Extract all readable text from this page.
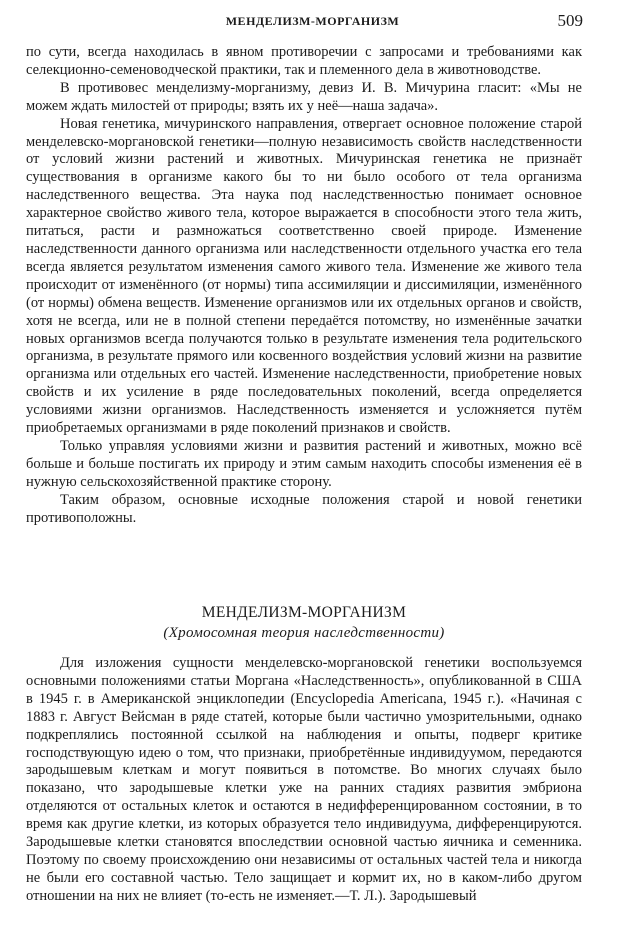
МЕНДЕЛИЗМ-МОРГАНИЗМ	509

по сути, всегда находилась в явном противоречии с запросами и требованиями как селекционно-семеноводческой практики, так и племенного дела в животноводстве.

В противовес менделизму-морганизму, девиз И. В. Мичурина гласит: «Мы не можем ждать милостей от природы; взять их у неё—наша задача».

Новая генетика, мичуринского направления, отвергает основное положение старой менделевско-моргановской генетики—полную независимость свойств наследственности от условий жизни растений и животных. Мичуринская генетика не признаёт существования в организме какого бы то ни было особого от тела организма наследственного вещества. Эта наука под наследственностью понимает основное характерное свойство живого тела, которое выражается в способности этого тела жить, питаться, расти и размножаться соответственно своей природе. Изменение наследственности данного организма или наследственности отдельного участка его тела всегда является результатом изменения самого живого тела. Изменение же живого тела происходит от изменённого (от нормы) типа ассимиляции и диссимиляции, изменённого (от нормы) обмена веществ. Изменение организмов или их отдельных органов и свойств, хотя не всегда, или не в полной степени передаётся потомству, но изменённые зачатки новых организмов всегда получаются только в результате изменения тела родительского организма, в результате прямого или косвенного воздействия условий жизни на развитие организма или отдельных его частей. Изменение наследственности, приобретение новых свойств и их усиление в ряде последовательных поколений, всегда определяется условиями жизни организмов. Наследственность изменяется и усложняется путём приобретаемых организмами в ряде поколений признаков и свойств.

Только управляя условиями жизни и развития растений и животных, можно всё больше и больше постигать их природу и этим самым находить способы изменения её в нужную сельскохозяйственной практике сторону.

Таким образом, основные исходные положения старой и новой генетики противоположны.

МЕНДЕЛИЗМ-МОРГАНИЗМ

(Хромосомная теория наследственности)

Для изложения сущности менделевско-моргановской генетики воспользуемся основными положениями статьи Моргана «Наследственность», опубликованной в США в 1945 г. в Американской энциклопедии (Encyclopedia Americana, 1945 г.). «Начиная с 1883 г. Август Вейсман в ряде статей, которые были частично умозрительными, однако подкреплялись постоянной ссылкой на наблюдения и опыты, подверг критике господствующую идею о том, что признаки, приобретённые индивидуумом, передаются зародышевым клеткам и могут появиться в потомстве. Во многих случаях было показано, что зародышевые клетки уже на ранних стадиях развития эмбриона отделяются от остальных клеток и остаются в недифференцированном состоянии, в то время как другие клетки, из которых образуется тело индивидуума, дифференцируются. Зародышевые клетки становятся впоследствии основной частью яичника и семенника. Поэтому по своему происхождению они независимы от остальных частей тела и никогда не были его составной частью. Тело защищает и кормит их, но в каком-либо другом отношении на них не влияет (то-есть не изменяет.—Т. Л.). Зародышевый
